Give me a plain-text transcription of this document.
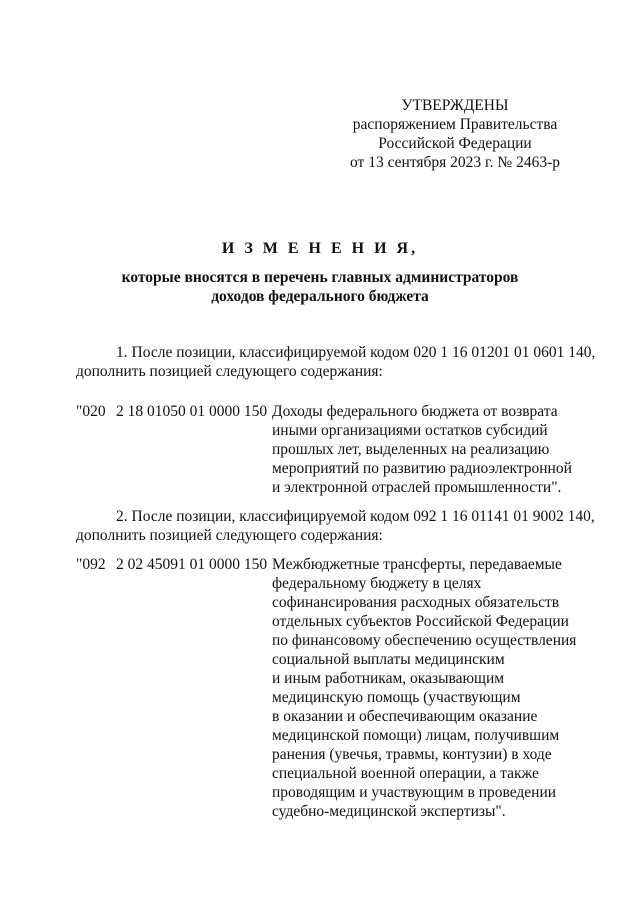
УТВЕРЖДЕНЫ
распоряжением Правительства
Российской Федерации
от 13 сентября 2023 г. № 2463-р
И З М Е Н Е Н И Я,
которые вносятся в перечень главных администраторов
доходов федерального бюджета
1. После позиции, классифицируемой кодом 020 1 16 01201 01 0601 140,
дополнить позицией следующего содержания:
"020 2 18 01050 01 0000 150 Доходы федерального бюджета от возврата
иными организациями остатков субсидий
прошлых лет, выделенных на реализацию
мероприятий по развитию радиоэлектронной
и электронной отраслей промышленности".
2. После позиции, классифицируемой кодом 092 1 16 01141 01 9002 140,
дополнить позицией следующего содержания:
"092 2 02 45091 01 0000 150 Межбюджетные трансферты, передаваемые
федеральному бюджету в целях
софинансирования расходных обязательств
отдельных субъектов Российской Федерации
по финансовому обеспечению осуществления
социальной выплаты медицинским
и иным работникам, оказывающим
медицинскую помощь (участвующим
в оказании и обеспечивающим оказание
медицинской помощи) лицам, получившим
ранения (увечья, травмы, контузии) в ходе
специальной военной операции, а также
проводящим и участвующим в проведении
судебно-медицинской экспертизы".
